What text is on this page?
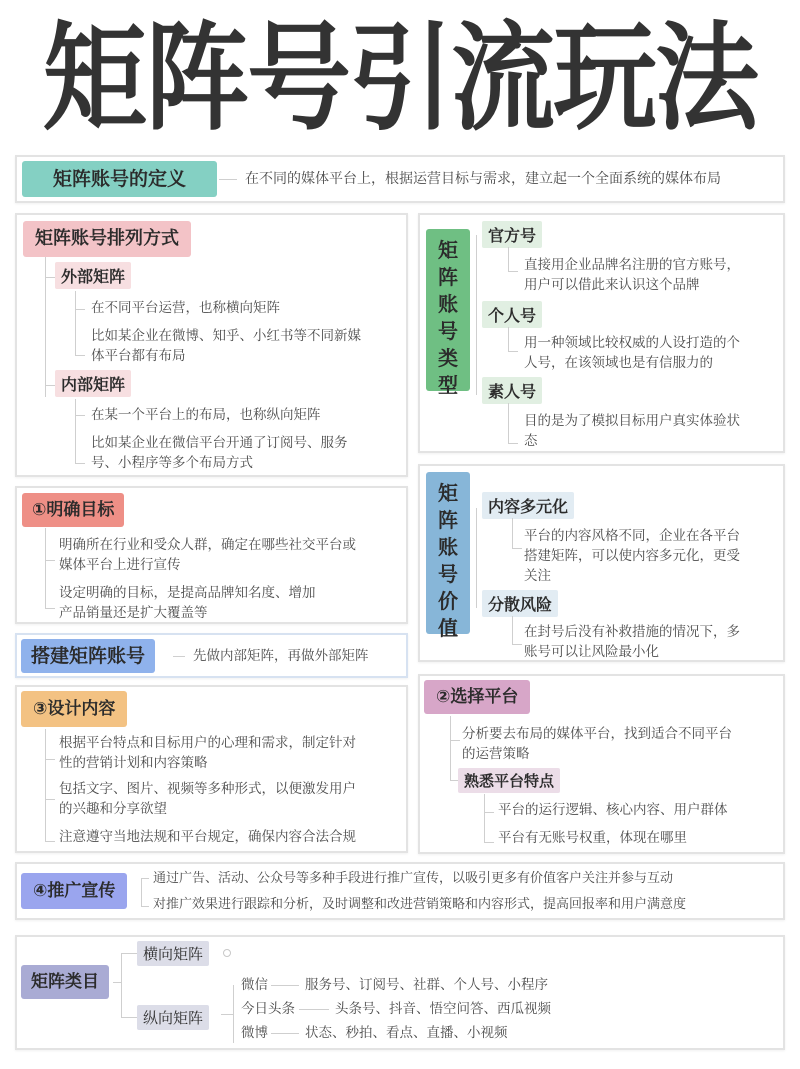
矩阵号引流玩法
矩阵账号的定义	在不同的媒体平台上，根据运营目标与需求，建立起一个全面系统的媒体布局
矩阵账号排列方式
外部矩阵
在不同平台运营，也称横向矩阵
比如某企业在微博、知乎、小红书等不同新媒
体平台都有布局
内部矩阵
在某一个平台上的布局，也称纵向矩阵
比如某企业在微信平台开通了订阅号、服务
号、小程序等多个布局方式
矩
阵
账
号
类
型
官方号
直接用企业品牌名注册的官方账号，
用户可以借此来认识这个品牌
个人号
用一种领域比较权威的人设打造的个
人号，在该领域也是有信服力的
素人号
目的是为了模拟目标用户真实体验状
态
①明确目标
明确所在行业和受众人群，确定在哪些社交平台或
媒体平台上进行宣传
设定明确的目标，是提高品牌知名度、增加
产品销量还是扩大覆盖等
矩
阵
账
号
价
值
内容多元化
平台的内容风格不同，企业在各平台
搭建矩阵，可以使内容多元化，更受
关注
分散风险
在封号后没有补救措施的情况下，多
账号可以让风险最小化
搭建矩阵账号	先做内部矩阵，再做外部矩阵
③设计内容
根据平台特点和目标用户的心理和需求，制定针对
性的营销计划和内容策略
包括文字、图片、视频等多种形式，以便激发用户
的兴趣和分享欲望
注意遵守当地法规和平台规定，确保内容合法合规
②选择平台
分析要去布局的媒体平台，找到适合不同平台
的运营策略
熟悉平台特点
平台的运行逻辑、核心内容、用户群体
平台有无账号权重，体现在哪里
④推广宣传
通过广告、活动、公众号等多种手段进行推广宣传，以吸引更多有价值客户关注并参与互动
对推广效果进行跟踪和分析，及时调整和改进营销策略和内容形式，提高回报率和用户满意度
矩阵类目
横向矩阵
纵向矩阵
微信	服务号、订阅号、社群、个人号、小程序
今日头条	头条号、抖音、悟空问答、西瓜视频
微博	状态、秒拍、看点、直播、小视频
